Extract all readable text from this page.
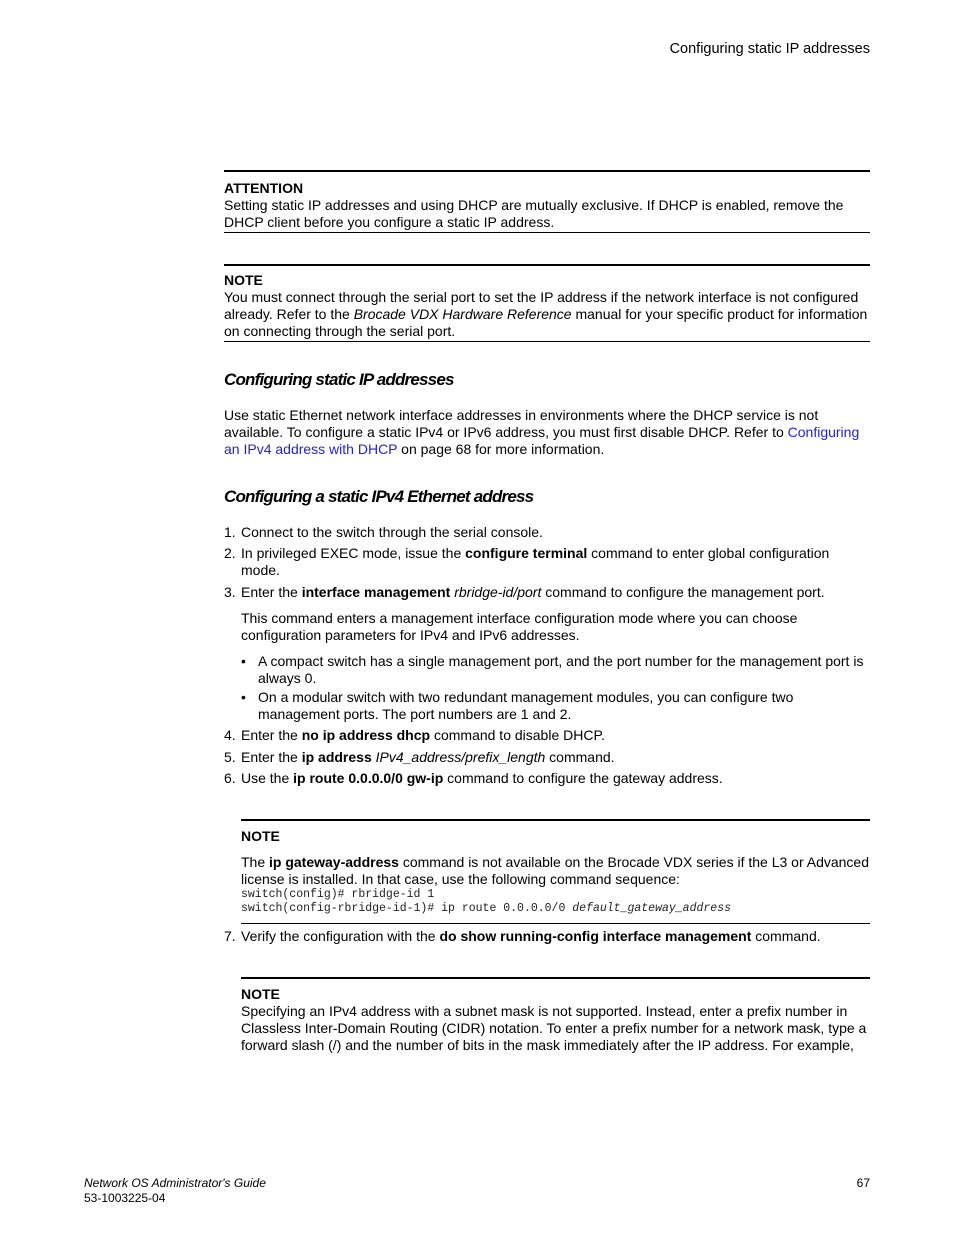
Configuring static IP addresses
ATTENTION

Setting static IP addresses and using DHCP are mutually exclusive. If DHCP is enabled, remove the DHCP client before you configure a static IP address.

NOTE

You must connect through the serial port to set the IP address if the network interface is not configured already. Refer to the Brocade VDX Hardware Reference manual for your specific product for information on connecting through the serial port.

Configuring static IP addresses

Use static Ethernet network interface addresses in environments where the DHCP service is not available. To configure a static IPv4 or IPv6 address, you must first disable DHCP. Refer to Configuring an IPv4 address with DHCP on page 68 for more information.

Configuring a static IPv4 Ethernet address
1. Connect to the switch through the serial console.
2. In privileged EXEC mode, issue the configure terminal command to enter global configuration mode.
3. Enter the interface management rbridge-id/port command to configure the management port.
This command enters a management interface configuration mode where you can choose configuration parameters for IPv4 and IPv6 addresses.
• A compact switch has a single management port, and the port number for the management port is always 0.
• On a modular switch with two redundant management modules, you can configure two management ports. The port numbers are 1 and 2.
4. Enter the no ip address dhcp command to disable DHCP.
5. Enter the ip address IPv4_address/prefix_length command.
6. Use the ip route 0.0.0.0/0 gw-ip command to configure the gateway address.
NOTE

The ip gateway-address command is not available on the Brocade VDX series if the L3 or Advanced license is installed. In that case, use the following command sequence:

switch(config)# rbridge-id 1
switch(config-rbridge-id-1)# ip route 0.0.0.0/0 default_gateway_address
7. Verify the configuration with the do show running-config interface management command.
NOTE

Specifying an IPv4 address with a subnet mask is not supported. Instead, enter a prefix number in Classless Inter-Domain Routing (CIDR) notation. To enter a prefix number for a network mask, type a forward slash (/) and the number of bits in the mask immediately after the IP address. For example,

Network OS Administrator's Guide
53-1003225-04
67
